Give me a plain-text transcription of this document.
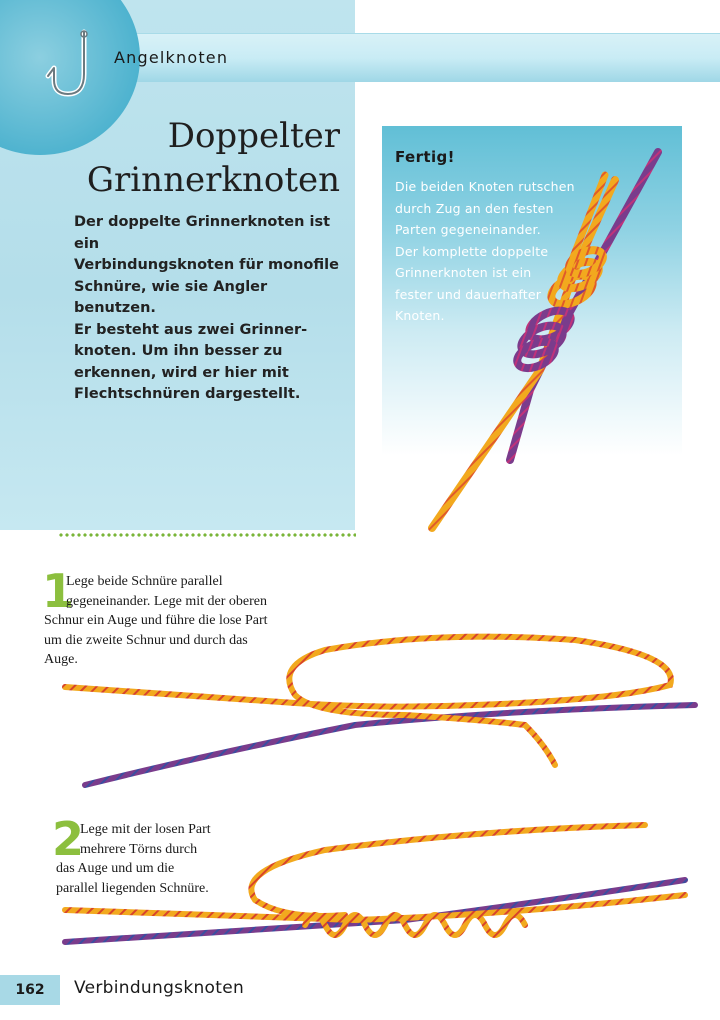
Angelknoten
Doppelter
Grinnerknoten
Der doppelte Grinnerknoten ist ein
Verbindungsknoten für monofile
Schnüre, wie sie Angler benutzen.
Er besteht aus zwei Grinner-
knoten. Um ihn besser zu
erkennen, wird er hier mit
Flechtschnüren dargestellt.
Fertig!
Die beiden Knoten rutschen
durch Zug an den festen
Parten gegeneinander.
Der komplette doppelte
Grinnerknoten ist ein
fester und dauerhafter
Knoten.
1
Lege beide Schnüre parallel
gegeneinander. Lege mit der oberen
Schnur ein Auge und führe die lose Part
um die zweite Schnur und durch das
Auge.
2
Lege mit der losen Part
mehrere Törns durch
das Auge und um die
parallel liegenden Schnüre.
162	Verbindungsknoten
